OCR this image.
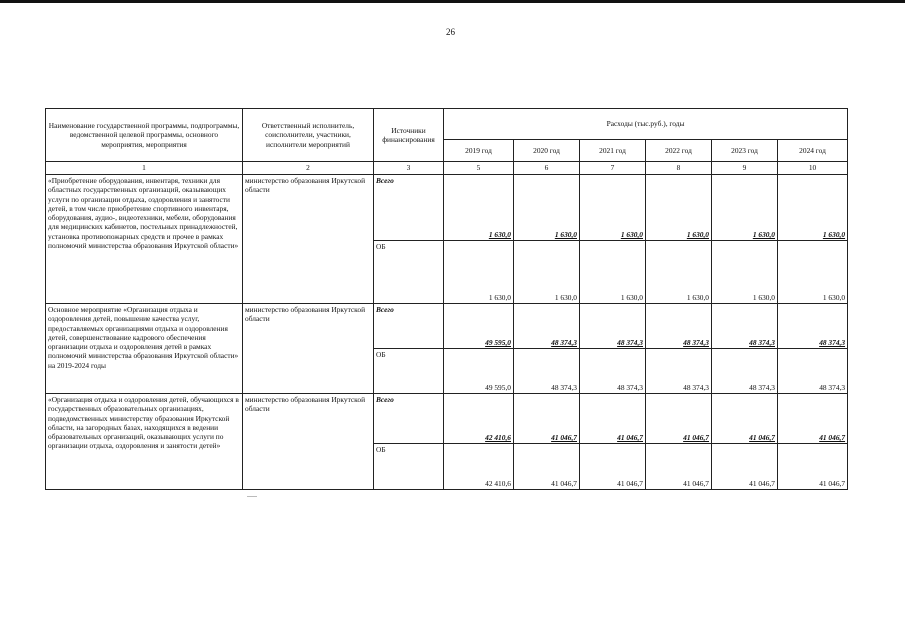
26
Наименование государственной программы, подпрограммы, ведомственной целевой программы, основного мероприятия, мероприятия	Ответственный исполнитель, соисполнители, участники, исполнители мероприятий	Источники финансирования	Расходы (тыс.руб.), годы					
			2019 год	2020 год	2021 год	2022 год	2023 год	2024 год
1	2	3	5	6	7	8	9	10
«Приобретение оборудования, инвентаря, техники для областных государственных организаций, оказывающих услуги по организации отдыха, оздоровления и занятости детей, в том числе приобретение спортивного инвентаря, оборудования, аудио-, видеотехники, мебели, оборудования для медицинских кабинетов, постельных принадлежностей, установка противопожарных средств и прочее в рамках полномочий министерства образования Иркутской области»	министерство образования Иркутской области	Всего	1 630,0	1 630,0	1 630,0	1 630,0	1 630,0	1 630,0
		ОБ	1 630,0	1 630,0	1 630,0	1 630,0	1 630,0	1 630,0
Основное мероприятие «Организация отдыха и оздоровления детей, повышение качества услуг, предоставляемых организациями отдыха и оздоровления детей, совершенствование кадрового обеспечения организации отдыха и оздоровления детей в рамках полномочий министерства образования Иркутской области» на 2019-2024 годы	министерство образования Иркутской области	Всего	49 595,0	48 374,3	48 374,3	48 374,3	48 374,3	48 374,3
		ОБ	49 595,0	48 374,3	48 374,3	48 374,3	48 374,3	48 374,3
«Организация отдыха и оздоровления детей, обучающихся в государственных образовательных организациях, подведомственных министерству образования Иркутской области, на загородных базах, находящихся в ведении образовательных организаций, оказывающих услуги по организации отдыха, оздоровления и занятости детей»	министерство образования Иркутской области	Всего	42 410,6	41 046,7	41 046,7	41 046,7	41 046,7	41 046,7
		ОБ	42 410,6	41 046,7	41 046,7	41 046,7	41 046,7	41 046,7
